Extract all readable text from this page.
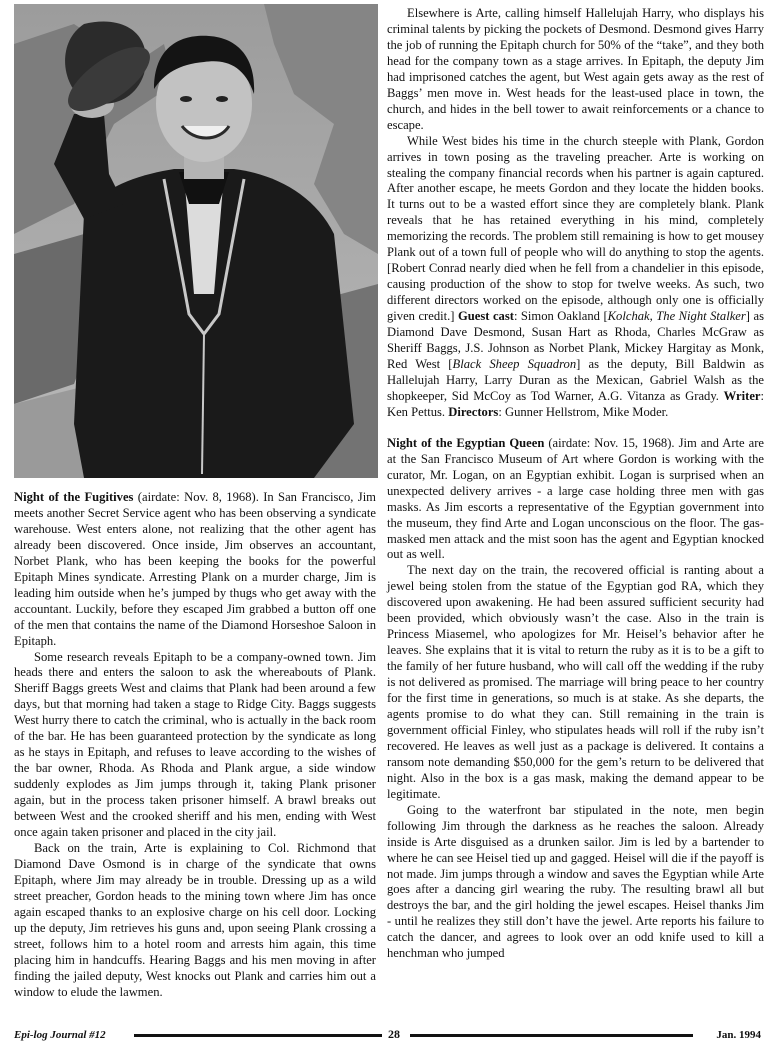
Night of the Fugitives (airdate: Nov. 8, 1968). In San Francisco, Jim meets another Secret Service agent who has been observing a syndicate warehouse. West enters alone, not realizing that the other agent has already been discovered. Once inside, Jim observes an accountant, Norbet Plank, who has been keeping the books for the powerful Epitaph Mines syndicate. Arresting Plank on a murder charge, Jim is leading him outside when he’s jumped by thugs who get away with the accountant. Luckily, before they escaped Jim grabbed a button off one of the men that contains the name of the Diamond Horseshoe Saloon in Epitaph.

Some research reveals Epitaph to be a company-owned town. Jim heads there and enters the saloon to ask the whereabouts of Plank. Sheriff Baggs greets West and claims that Plank had been around a few days, but that morning had taken a stage to Ridge City. Baggs suggests West hurry there to catch the criminal, who is actually in the back room of the bar. He has been guaranteed protection by the syndicate as long as he stays in Epitaph, and refuses to leave according to the wishes of the bar owner, Rhoda. As Rhoda and Plank argue, a side window suddenly explodes as Jim jumps through it, taking Plank prisoner again, but in the process taken prisoner himself. A brawl breaks out between West and the crooked sheriff and his men, ending with West once again taken prisoner and placed in the city jail.

Back on the train, Arte is explaining to Col. Richmond that Diamond Dave Osmond is in charge of the syndicate that owns Epitaph, where Jim may already be in trouble. Dressing up as a wild street preacher, Gordon heads to the mining town where Jim has once again escaped thanks to an explosive charge on his cell door. Locking up the deputy, Jim retrieves his guns and, upon seeing Plank crossing a street, follows him to a hotel room and arrests him again, this time placing him in handcuffs. Hearing Baggs and his men moving in after finding the jailed deputy, West knocks out Plank and carries him out a window to elude the lawmen.

Elsewhere is Arte, calling himself Hallelujah Harry, who displays his criminal talents by picking the pockets of Desmond. Desmond gives Harry the job of running the Epitaph church for 50% of the “take”, and they both head for the company town as a stage arrives. In Epitaph, the deputy Jim had imprisoned catches the agent, but West again gets away as the rest of Baggs’ men move in. West heads for the least-used place in town, the church, and hides in the bell tower to await reinforcements or a chance to escape.

While West bides his time in the church steeple with Plank, Gordon arrives in town posing as the traveling preacher. Arte is working on stealing the company financial records when his partner is again captured. After another escape, he meets Gordon and they locate the hidden books. It turns out to be a wasted effort since they are completely blank. Plank reveals that he has retained everything in his mind, completely memorizing the records. The problem still remaining is how to get mousey Plank out of a town full of people who will do anything to stop the agents. [Robert Conrad nearly died when he fell from a chandelier in this episode, causing production of the show to stop for twelve weeks. As such, two different directors worked on the episode, although only one is officially given credit.] Guest cast: Simon Oakland [Kolchak, The Night Stalker] as Diamond Dave Desmond, Susan Hart as Rhoda, Charles McGraw as Sheriff Baggs, J.S. Johnson as Norbet Plank, Mickey Hargitay as Monk, Red West [Black Sheep Squadron] as the deputy, Bill Baldwin as Hallelujah Harry, Larry Duran as the Mexican, Gabriel Walsh as the shopkeeper, Sid McCoy as Tod Warner, A.G. Vitanza as Grady. Writer: Ken Pettus. Directors: Gunner Hellstrom, Mike Moder.

Night of the Egyptian Queen (airdate: Nov. 15, 1968). Jim and Arte are at the San Francisco Museum of Art where Gordon is working with the curator, Mr. Logan, on an Egyptian exhibit. Logan is surprised when an unexpected delivery arrives - a large case holding three men with gas masks. As Jim escorts a representative of the Egyptian government into the museum, they find Arte and Logan unconscious on the floor. The gas-masked men attack and the mist soon has the agent and Egyptian knocked out as well.

The next day on the train, the recovered official is ranting about a jewel being stolen from the statue of the Egyptian god RA, which they discovered upon awakening. He had been assured sufficient security had been provided, which obviously wasn’t the case. Also in the train is Princess Miasemel, who apologizes for Mr. Heisel’s behavior after he leaves. She explains that it is vital to return the ruby as it is to be a gift to the family of her future husband, who will call off the wedding if the ruby is not delivered as promised. The marriage will bring peace to her country for the first time in generations, so much is at stake. As she departs, the agents promise to do what they can. Still remaining in the train is government official Finley, who stipulates heads will roll if the ruby isn’t recovered. He leaves as well just as a package is delivered. It contains a ransom note demanding $50,000 for the gem’s return to be delivered that night. Also in the box is a gas mask, making the demand appear to be legitimate.

Going to the waterfront bar stipulated in the note, men begin following Jim through the darkness as he reaches the saloon. Already inside is Arte disguised as a drunken sailor. Jim is led by a bartender to where he can see Heisel tied up and gagged. Heisel will die if the payoff is not made. Jim jumps through a window and saves the Egyptian while Arte goes after a dancing girl wearing the ruby. The resulting brawl all but destroys the bar, and the girl holding the jewel escapes. Heisel thanks Jim - until he realizes they still don’t have the jewel. Arte reports his failure to catch the dancer, and agrees to look over an odd knife used to kill a henchman who jumped

Epi-log Journal #12	28	Jan. 1994
